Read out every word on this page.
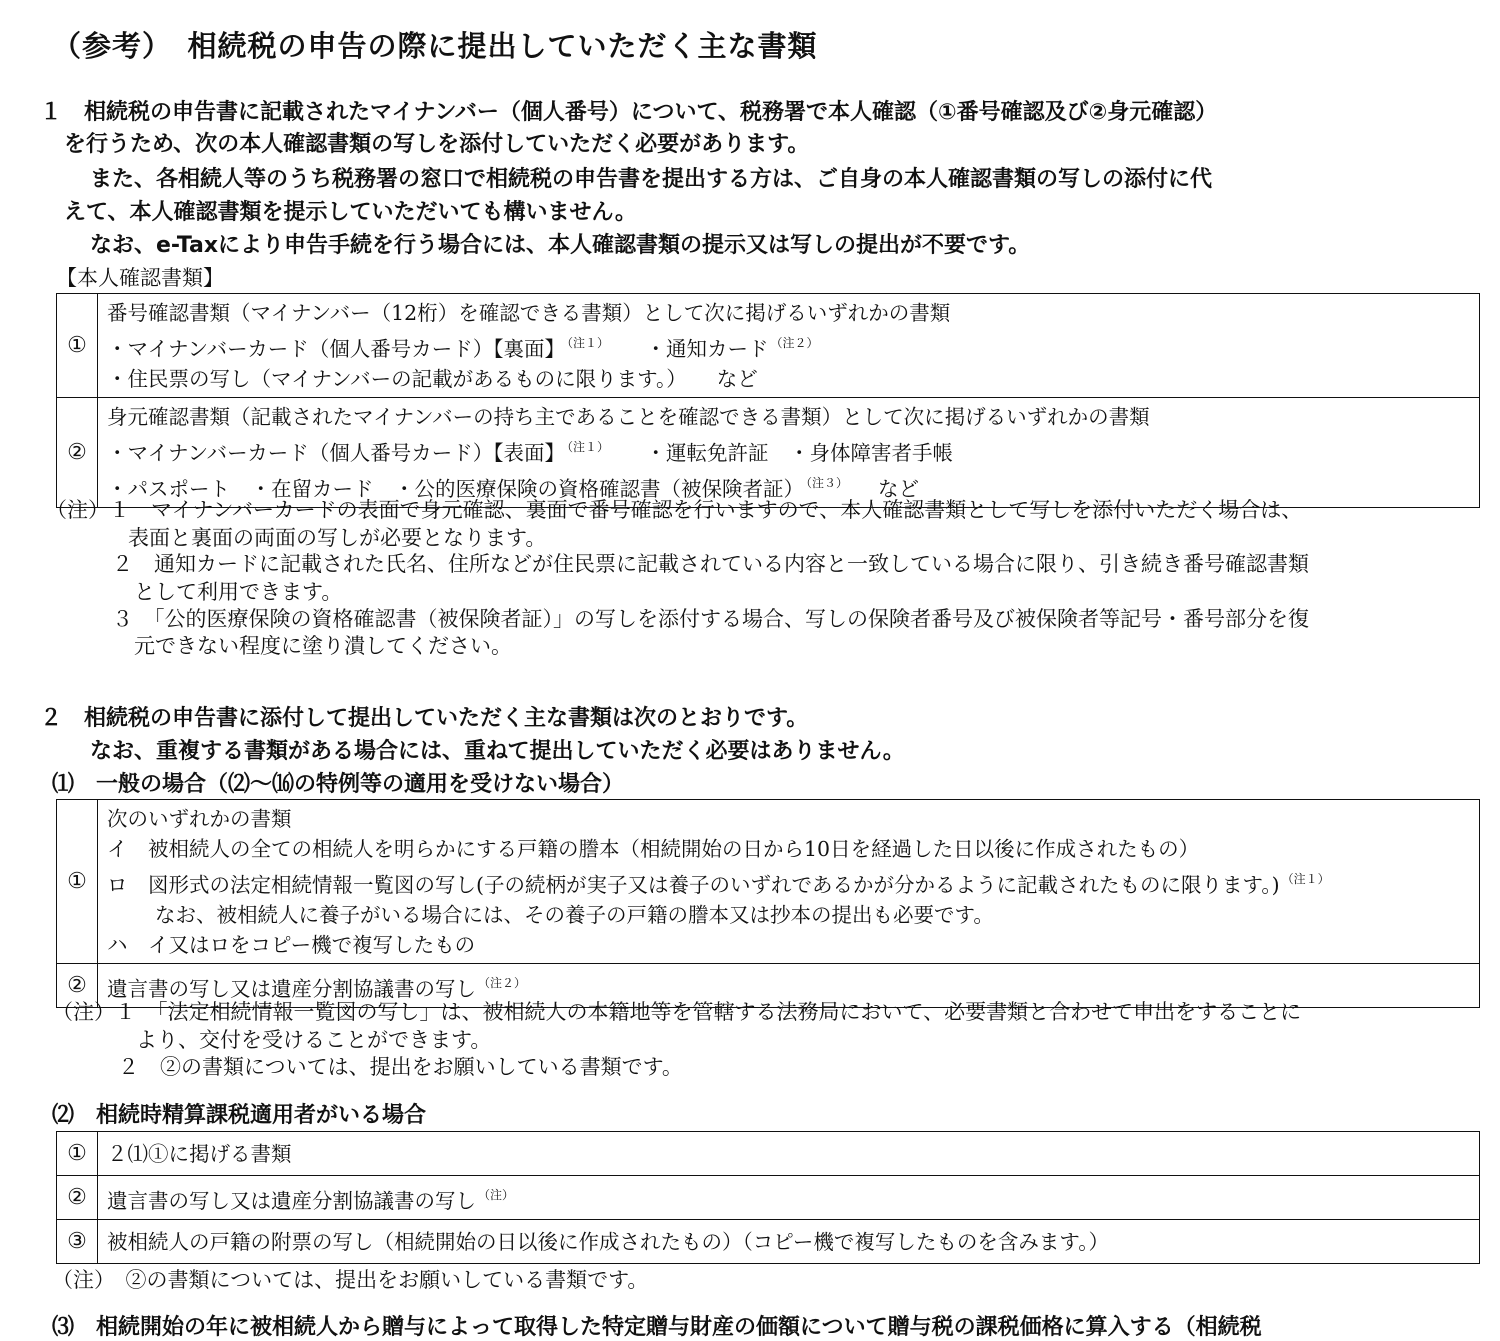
（参考）　相続税の申告の際に提出していただく主な書類
１　相続税の申告書に記載されたマイナンバー（個人番号）について、税務署で本人確認（①番号確認及び②身元確認）
を行うため、次の本人確認書類の写しを添付していただく必要があります。
また、各相続人等のうち税務署の窓口で相続税の申告書を提出する方は、ご自身の本人確認書類の写しの添付に代
えて、本人確認書類を提示していただいても構いません。
なお、e-Taxにより申告手続を行う場合には、本人確認書類の提示又は写しの提出が不要です。
【本人確認書類】
①	番号確認書類（マイナンバー（12桁）を確認できる書類）として次に掲げるいずれかの書類
・マイナンバーカード（個人番号カード）【裏面】 $^{(注1)}$ ・通知カード $^{(注2)}$
・住民票の写し（マイナンバーの記載があるものに限ります。） など

②	身元確認書類（記載されたマイナンバーの持ち主であることを確認できる書類）として次に掲げるいずれかの書類
・マイナンバーカード（個人番号カード）【表面】 $^{(注1)}$ ・運転免許証　・身体障害者手帳
・パスポート　・在留カード　・公的医療保険の資格確認書（被保険者証） $^{(注3)}$ など
（注）１　マイナンバーカードの表面で身元確認、裏面で番号確認を行いますので、本人確認書類として写しを添付いただく場合は、
表面と裏面の両面の写しが必要となります。
２　通知カードに記載された氏名、住所などが住民票に記載されている内容と一致している場合に限り、引き続き番号確認書類
として利用できます。
３　「公的医療保険の資格確認書（被保険者証）」の写しを添付する場合、写しの保険者番号及び被保険者等記号・番号部分を復
元できない程度に塗り潰してください。
２　相続税の申告書に添付して提出していただく主な書類は次のとおりです。
なお、重複する書類がある場合には、重ねて提出していただく必要はありません。
⑴　一般の場合（⑵～⒃の特例等の適用を受けない場合）
①	次のいずれかの書類
イ　被相続人の全ての相続人を明らかにする戸籍の謄本（相続開始の日から10日を経過した日以後に作成されたもの）
ロ　図形式の法定相続情報一覧図の写し(子の続柄が実子又は養子のいずれであるかが分かるように記載されたものに限ります。) $^{(注1)}$
なお、被相続人に養子がいる場合には、その養子の戸籍の謄本又は抄本の提出も必要です。
ハ　イ又はロをコピー機で複写したもの

②	遺言書の写し又は遺産分割協議書の写し $^{(注2)}$
（注）１　「法定相続情報一覧図の写し」は、被相続人の本籍地等を管轄する法務局において、必要書類と合わせて申出をすることに
より、交付を受けることができます。
２　②の書類については、提出をお願いしている書類です。
⑵　相続時精算課税適用者がいる場合
①	２⑴①に掲げる書類

②	遺言書の写し又は遺産分割協議書の写し $^{(注)}$

③	被相続人の戸籍の附票の写し（相続開始の日以後に作成されたもの）（コピー機で複写したものを含みます。）
（注）　②の書類については、提出をお願いしている書類です。
⑶　相続開始の年に被相続人から贈与によって取得した特定贈与財産の価額について贈与税の課税価格に算入する（相続税
